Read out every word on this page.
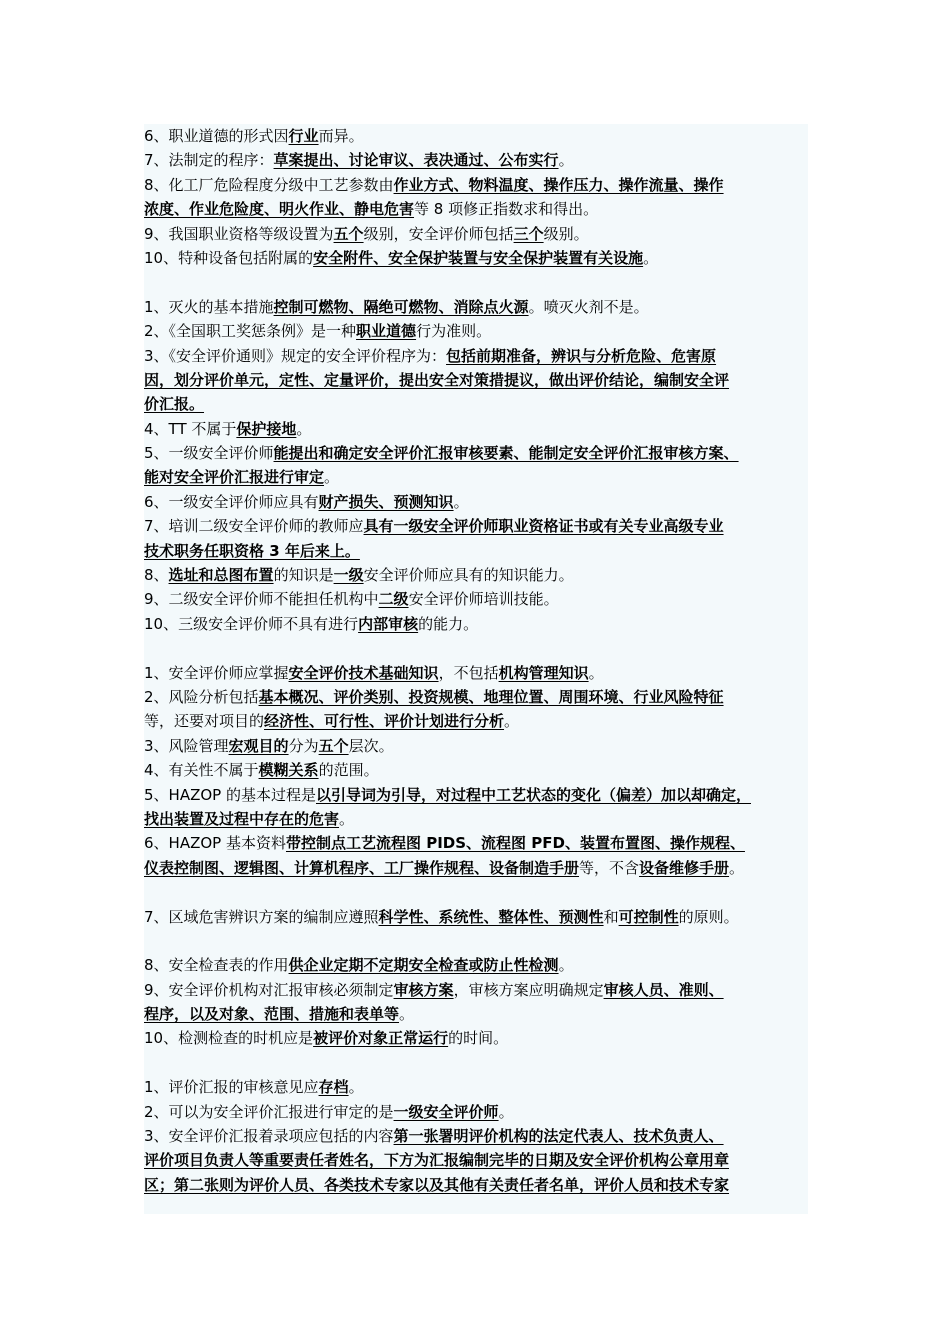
6、职业道德的形式因行业而异。
7、法制定的程序：草案提出、讨论审议、表决通过、公布实行。
8、化工厂危险程度分级中工艺参数由作业方式、物料温度、操作压力、操作流量、操作
浓度、作业危险度、明火作业、静电危害等 8 项修正指数求和得出。
9、我国职业资格等级设置为五个级别，安全评价师包括三个级别。
10、特种设备包括附属的安全附件、安全保护装置与安全保护装置有关设施。
1、灭火的基本措施控制可燃物、隔绝可燃物、消除点火源。喷灭火剂不是。
2、《全国职工奖惩条例》是一种职业道德行为准则。
3、《安全评价通则》规定的安全评价程序为：包括前期准备，辨识与分析危险、危害原
因，划分评价单元，定性、定量评价，提出安全对策措提议，做出评价结论，编制安全评
价汇报。
4、TT 不属于保护接地。
5、一级安全评价师能提出和确定安全评价汇报审核要素、能制定安全评价汇报审核方案、
能对安全评价汇报进行审定。
6、一级安全评价师应具有财产损失、预测知识。
7、培训二级安全评价师的教师应具有一级安全评价师职业资格证书或有关专业高级专业
技术职务任职资格 3 年后来上。
8、选址和总图布置的知识是一级安全评价师应具有的知识能力。
9、二级安全评价师不能担任机构中二级安全评价师培训技能。
10、三级安全评价师不具有进行内部审核的能力。
1、安全评价师应掌握安全评价技术基础知识，不包括机构管理知识。
2、风险分析包括基本概况、评价类别、投资规模、地理位置、周围环境、行业风险特征
等，还要对项目的经济性、可行性、评价计划进行分析。
3、风险管理宏观目的分为五个层次。
4、有关性不属于模糊关系的范围。
5、HAZOP 的基本过程是以引导词为引导，对过程中工艺状态的变化（偏差）加以却确定，
找出装置及过程中存在的危害。
6、HAZOP 基本资料带控制点工艺流程图 PIDS、流程图 PFD、装置布置图、操作规程、
仪表控制图、逻辑图、计算机程序、工厂操作规程、设备制造手册等，不含设备维修手册。
7、区域危害辨识方案的编制应遵照科学性、系统性、整体性、预测性和可控制性的原则。
8、安全检查表的作用供企业定期不定期安全检查或防止性检测。
9、安全评价机构对汇报审核必须制定审核方案，审核方案应明确规定审核人员、准则、
程序，以及对象、范围、措施和表单等。
10、检测检查的时机应是被评价对象正常运行的时间。
1、评价汇报的审核意见应存档。
2、可以为安全评价汇报进行审定的是一级安全评价师。
3、安全评价汇报着录项应包括的内容第一张署明评价机构的法定代表人、技术负责人、
评价项目负责人等重要责任者姓名，下方为汇报编制完毕的日期及安全评价机构公章用章
区；第二张则为评价人员、各类技术专家以及其他有关责任者名单，评价人员和技术专家
